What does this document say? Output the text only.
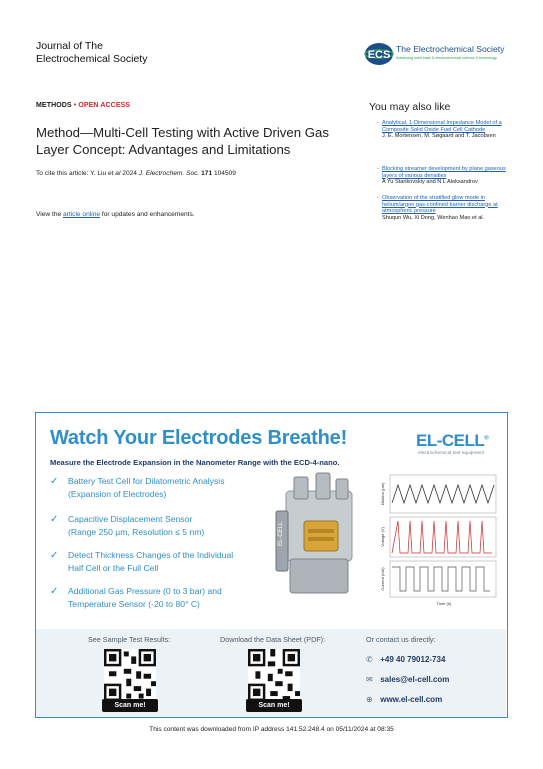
Journal of The
Electrochemical Society	ECS The Electrochemical Society
Advancing solid state & electrochemical science & technology
METHODS • OPEN ACCESS
Method—Multi-Cell Testing with Active Driven Gas Layer Concept: Advantages and Limitations
To cite this article: Y. Liu et al 2024 J. Electrochem. Soc. 171 104509
View the article online for updates and enhancements.
You may also like
- Analytical, 1-Dimensional Impedance Model of a Composite Solid Oxide Fuel Cell Cathode
J. E. Mortensen, M. Søgaard and T. Jacobsen
- Blocking streamer development by plane gaseous layers of various densities
A Yu Starikovskiy and N L Aleksandrov
- Observation of the stratified glow mode in helium/argon gas-confined barrier discharge at atmospheric pressure
Shuqun Wu, Xi Dong, Wenhao Mao et al.
Watch Your Electrodes Breathe!
Measure the Electrode Expansion in the Nanometer Range with the ECD-4-nano.
EL-CELL®
electrochemical test equipment
✓	Battery Test Cell for Dilatometric Analysis
(Expansion of Electrodes)
✓	Capacitive Displacement Sensor
(Range 250 µm, Resolution ≤ 5 nm)
✓	Detect Thickness Changes of the Individual
Half Cell or the Full Cell
✓	Additional Gas Pressure (0 to 3 bar) and
Temperature Sensor (-20 to 80° C)
EL-CELL
Dilation (µm)
Voltage (V)
Current (mA)
Time (h)
See Sample Test Results:	Download the Data Sheet (PDF):	Or contact us directly:
Scan me!	Scan me!
✆ +49 40 79012-734
✉ sales@el-cell.com
⊕ www.el-cell.com
This content was downloaded from IP address 141.52.248.4 on 05/11/2024 at 08:35
